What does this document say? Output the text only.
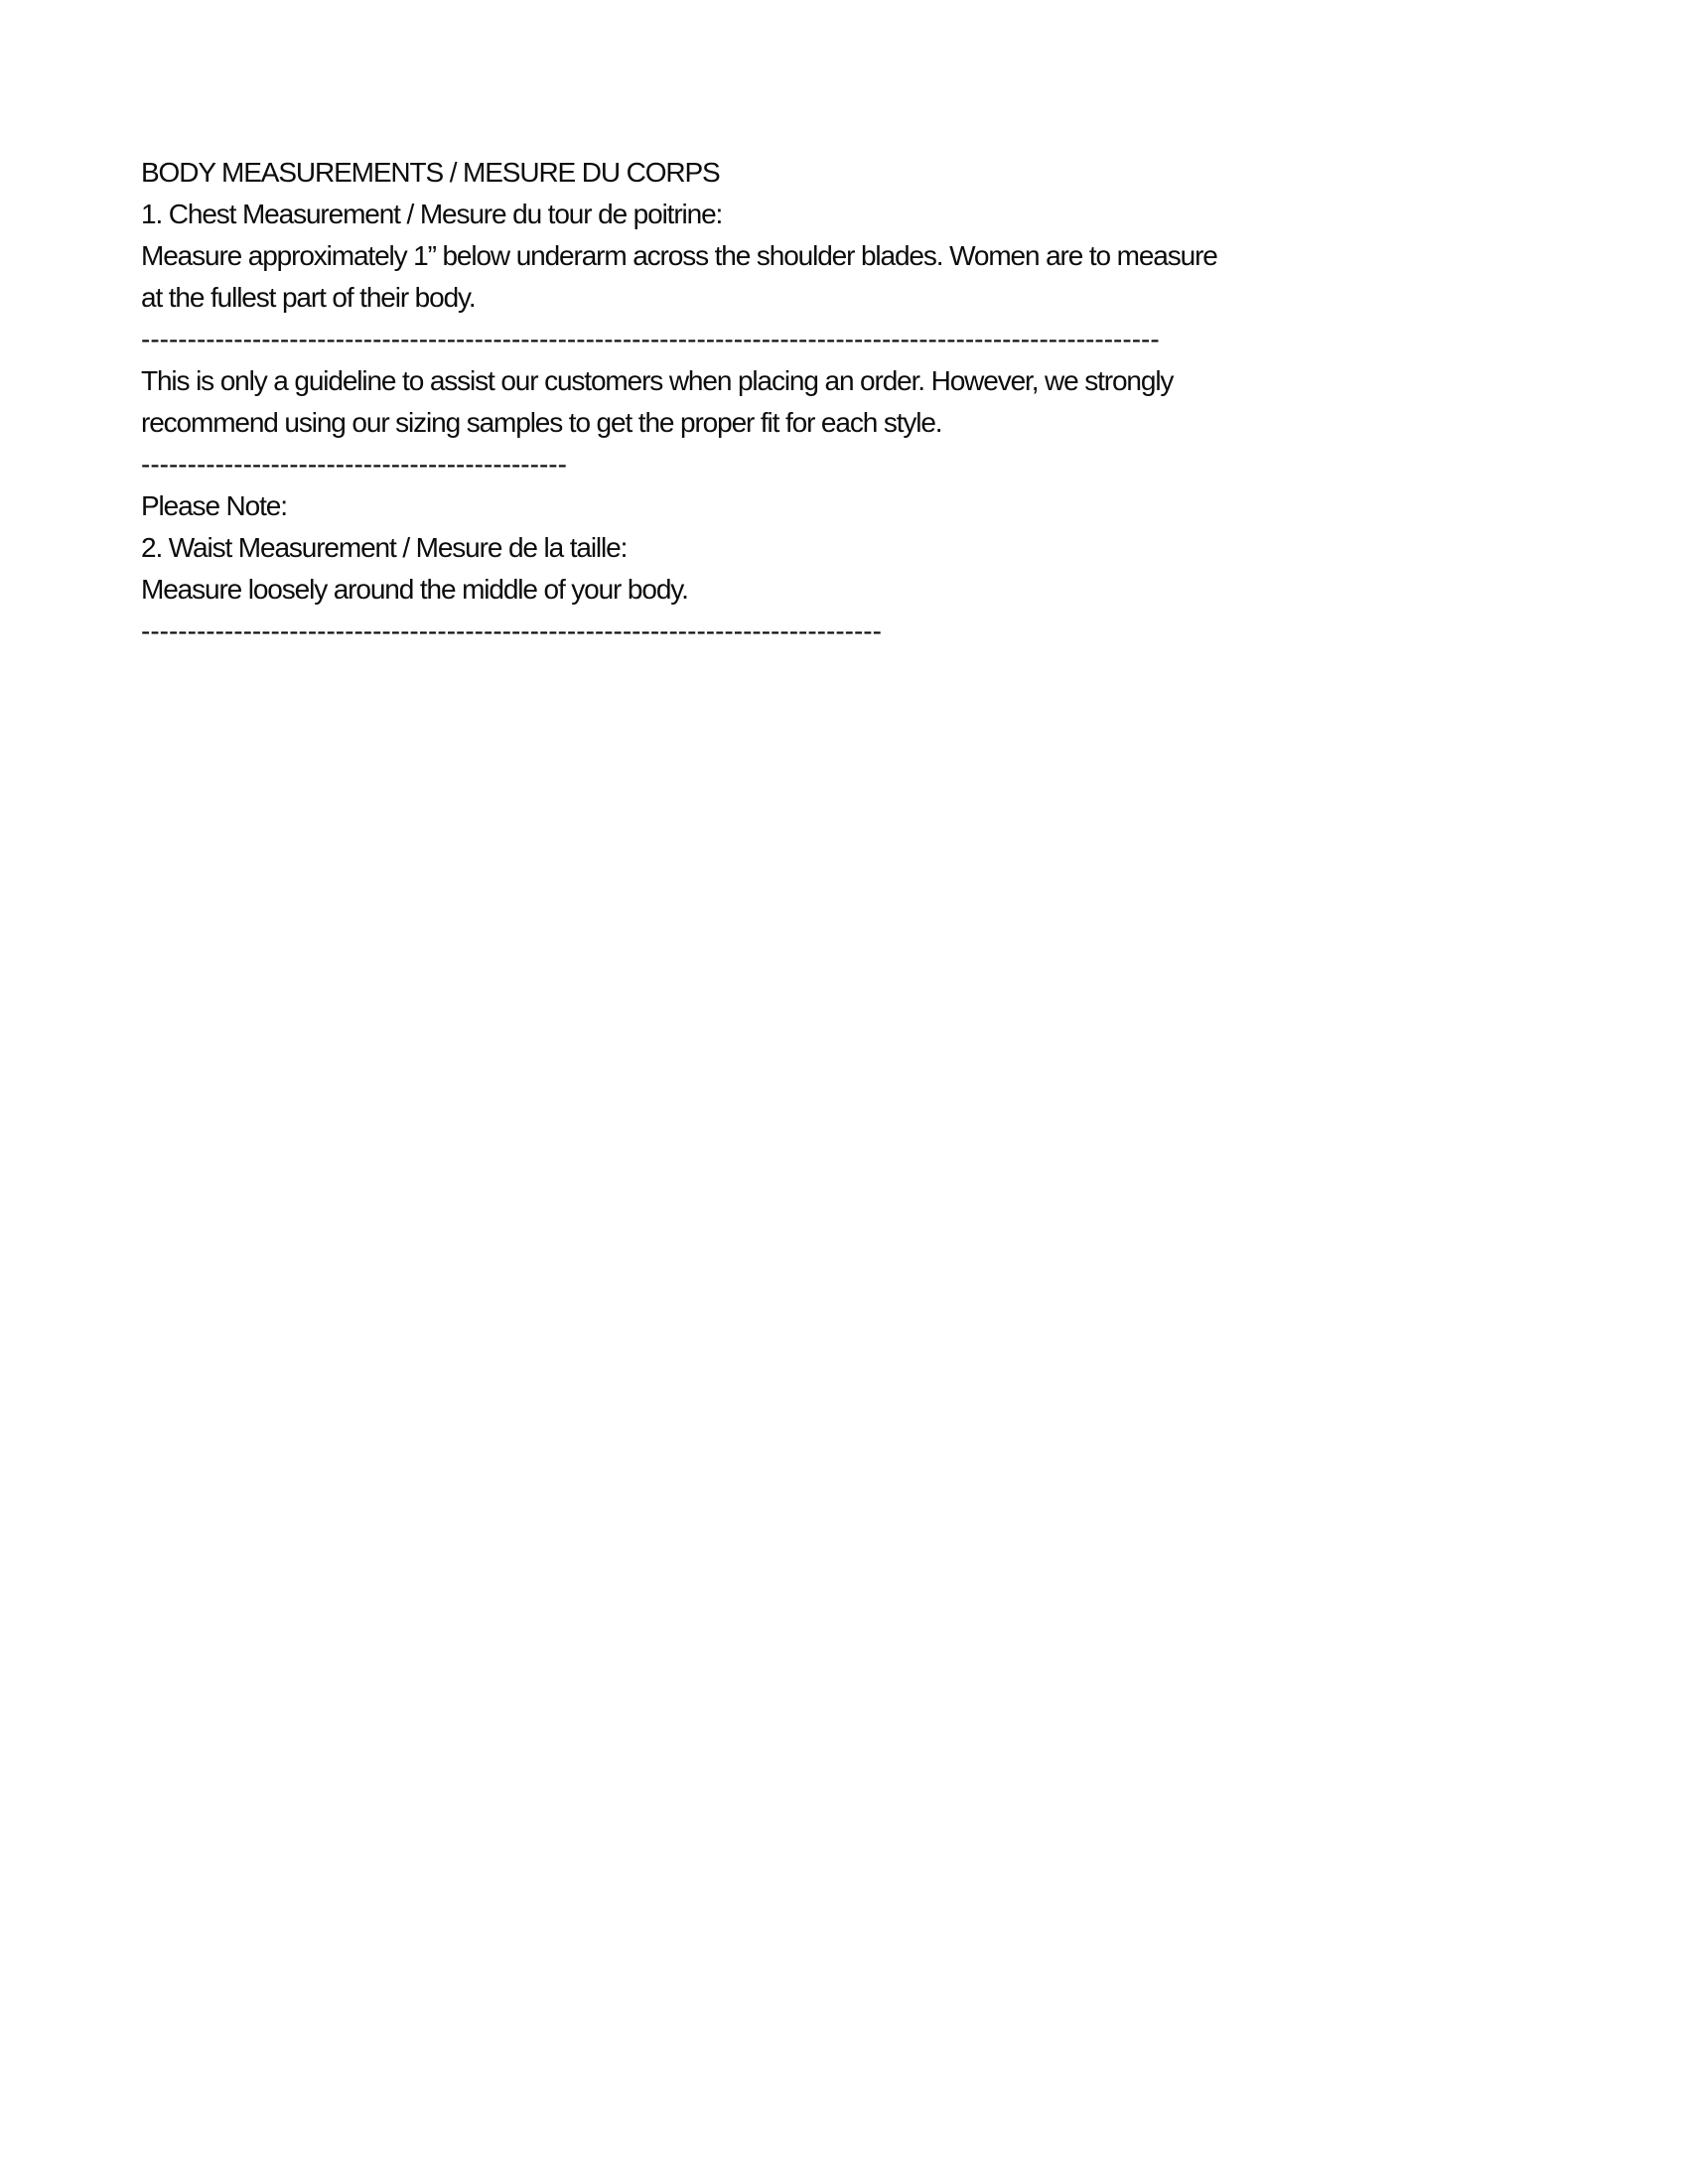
BODY MEASUREMENTS / MESURE DU CORPS
1. Chest Measurement / Mesure du tour de poitrine:
Measure approximately 1” below underarm across the shoulder blades. Women are to measure
at the fullest part of their body.
--------------------------------------------------------------------------------------------------------------
This is only a guideline to assist our customers when placing an order. However, we strongly
recommend using our sizing samples to get the proper fit for each style.
----------------------------------------------
Please Note:
2. Waist Measurement / Mesure de la taille:
Measure loosely around the middle of your body.
--------------------------------------------------------------------------------
